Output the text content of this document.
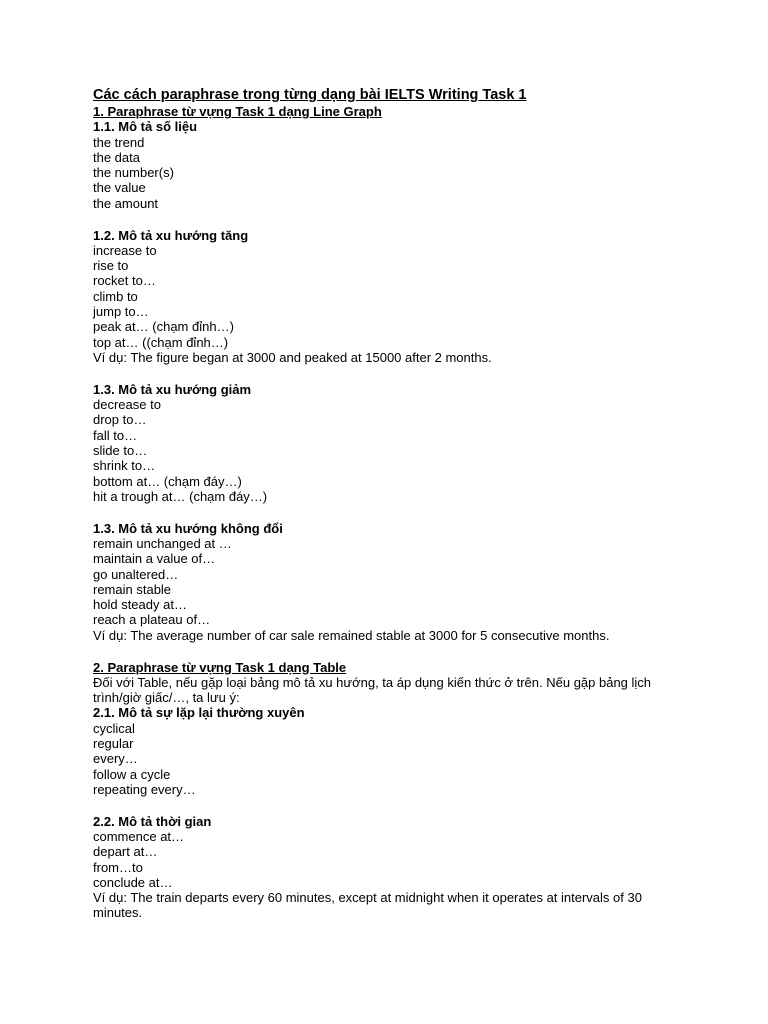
Các cách paraphrase trong từng dạng bài IELTS Writing Task 1
1. Paraphrase từ vựng Task 1 dạng Line Graph
1.1. Mô tả số liệu
the trend
the data
the number(s)
the value
the amount
1.2. Mô tả xu hướng tăng
increase to
rise to
rocket to…
climb to
jump to…
peak at… (chạm đỉnh…)
top at… ((chạm đỉnh…)
Ví dụ: The figure began at 3000 and peaked at 15000 after 2 months.
1.3. Mô tả xu hướng giảm
decrease to
drop to…
fall to…
slide to…
shrink to…
bottom at… (chạm đáy…)
hit a trough at… (chạm đáy…)
1.3. Mô tả xu hướng không đổi
remain unchanged at …
maintain a value of…
go unaltered…
remain stable
hold steady at…
reach a plateau of…
Ví dụ: The average number of car sale remained stable at 3000 for 5 consecutive months.
2. Paraphrase từ vựng Task 1 dạng Table
Đối với Table, nếu gặp loại bảng mô tả xu hướng, ta áp dụng kiến thức ở trên. Nếu gặp bảng lịch trình/giờ giấc/…, ta lưu ý:
2.1. Mô tả sự lặp lại thường xuyên
cyclical
regular
every…
follow a cycle
repeating every…
2.2. Mô tả thời gian
commence at…
depart at…
from…to
conclude at…
Ví dụ: The train departs every 60 minutes, except at midnight when it operates at intervals of 30 minutes.
